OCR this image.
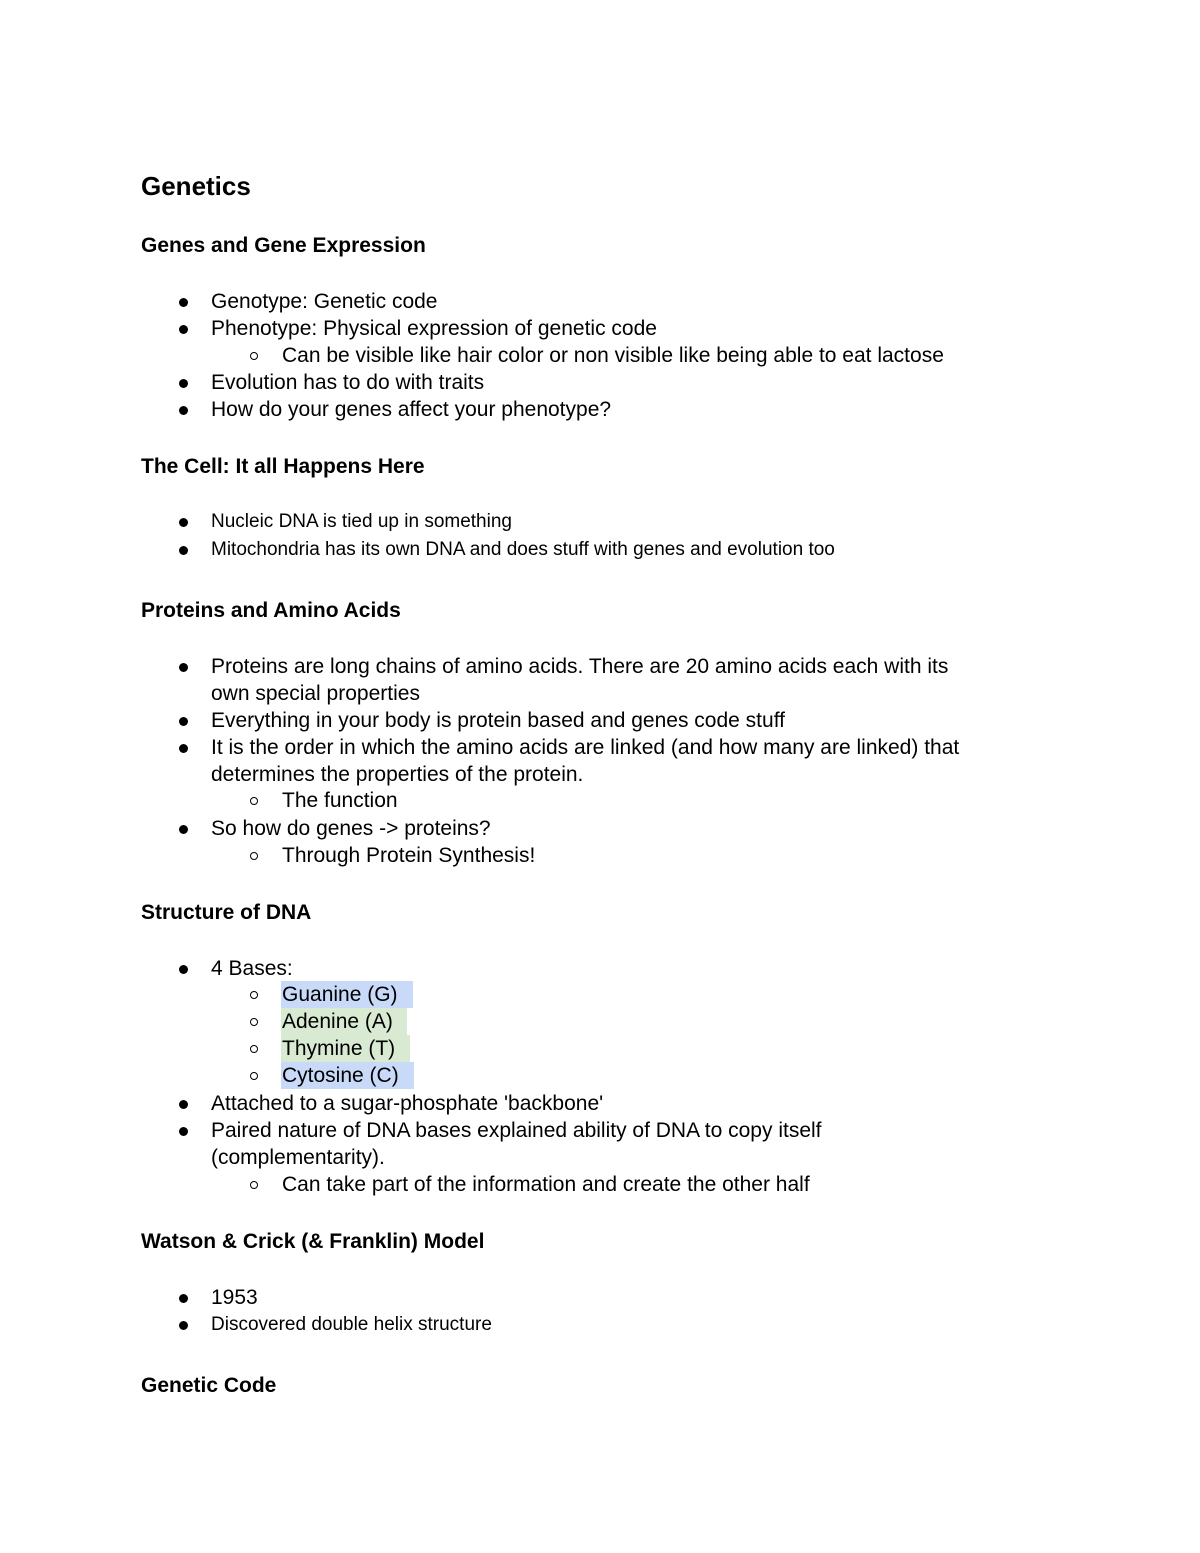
Genetics
Genes and Gene Expression
Genotype: Genetic code
Phenotype: Physical expression of genetic code
Can be visible like hair color or non visible like being able to eat lactose
Evolution has to do with traits
How do your genes affect your phenotype?
The Cell: It all Happens Here
Nucleic DNA is tied up in something
Mitochondria has its own DNA and does stuff with genes and evolution too
Proteins and Amino Acids
Proteins are long chains of amino acids. There are 20 amino acids each with its
own special properties
Everything in your body is protein based and genes code stuff
It is the order in which the amino acids are linked (and how many are linked) that
determines the properties of the protein.
The function
So how do genes -> proteins?
Through Protein Synthesis!
Structure of DNA
4 Bases:
Guanine (G)
Adenine (A)
Thymine (T)
Cytosine (C)
Attached to a sugar-phosphate 'backbone'
Paired nature of DNA bases explained ability of DNA to copy itself
(complementarity).
Can take part of the information and create the other half
Watson & Crick (& Franklin) Model
1953
Discovered double helix structure
Genetic Code
